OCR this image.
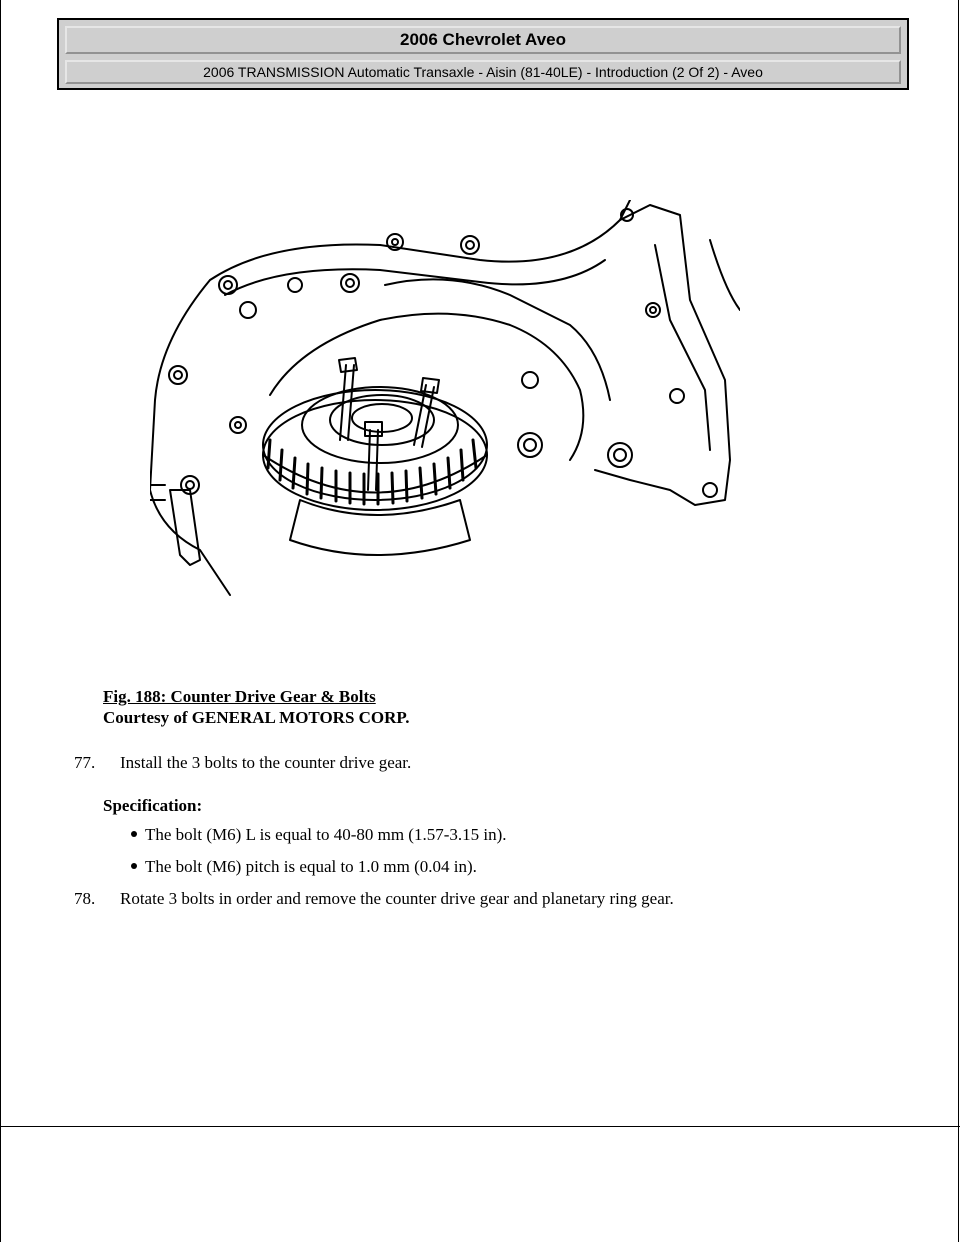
2006 Chevrolet Aveo
2006 TRANSMISSION Automatic Transaxle - Aisin (81-40LE) - Introduction (2 Of 2) - Aveo
Fig. 188: Counter Drive Gear & Bolts
Courtesy of GENERAL MOTORS CORP.
77. Install the 3 bolts to the counter drive gear.
Specification:
The bolt (M6) L is equal to 40-80 mm (1.57-3.15 in).
The bolt (M6) pitch is equal to 1.0 mm (0.04 in).
78. Rotate 3 bolts in order and remove the counter drive gear and planetary ring gear.
